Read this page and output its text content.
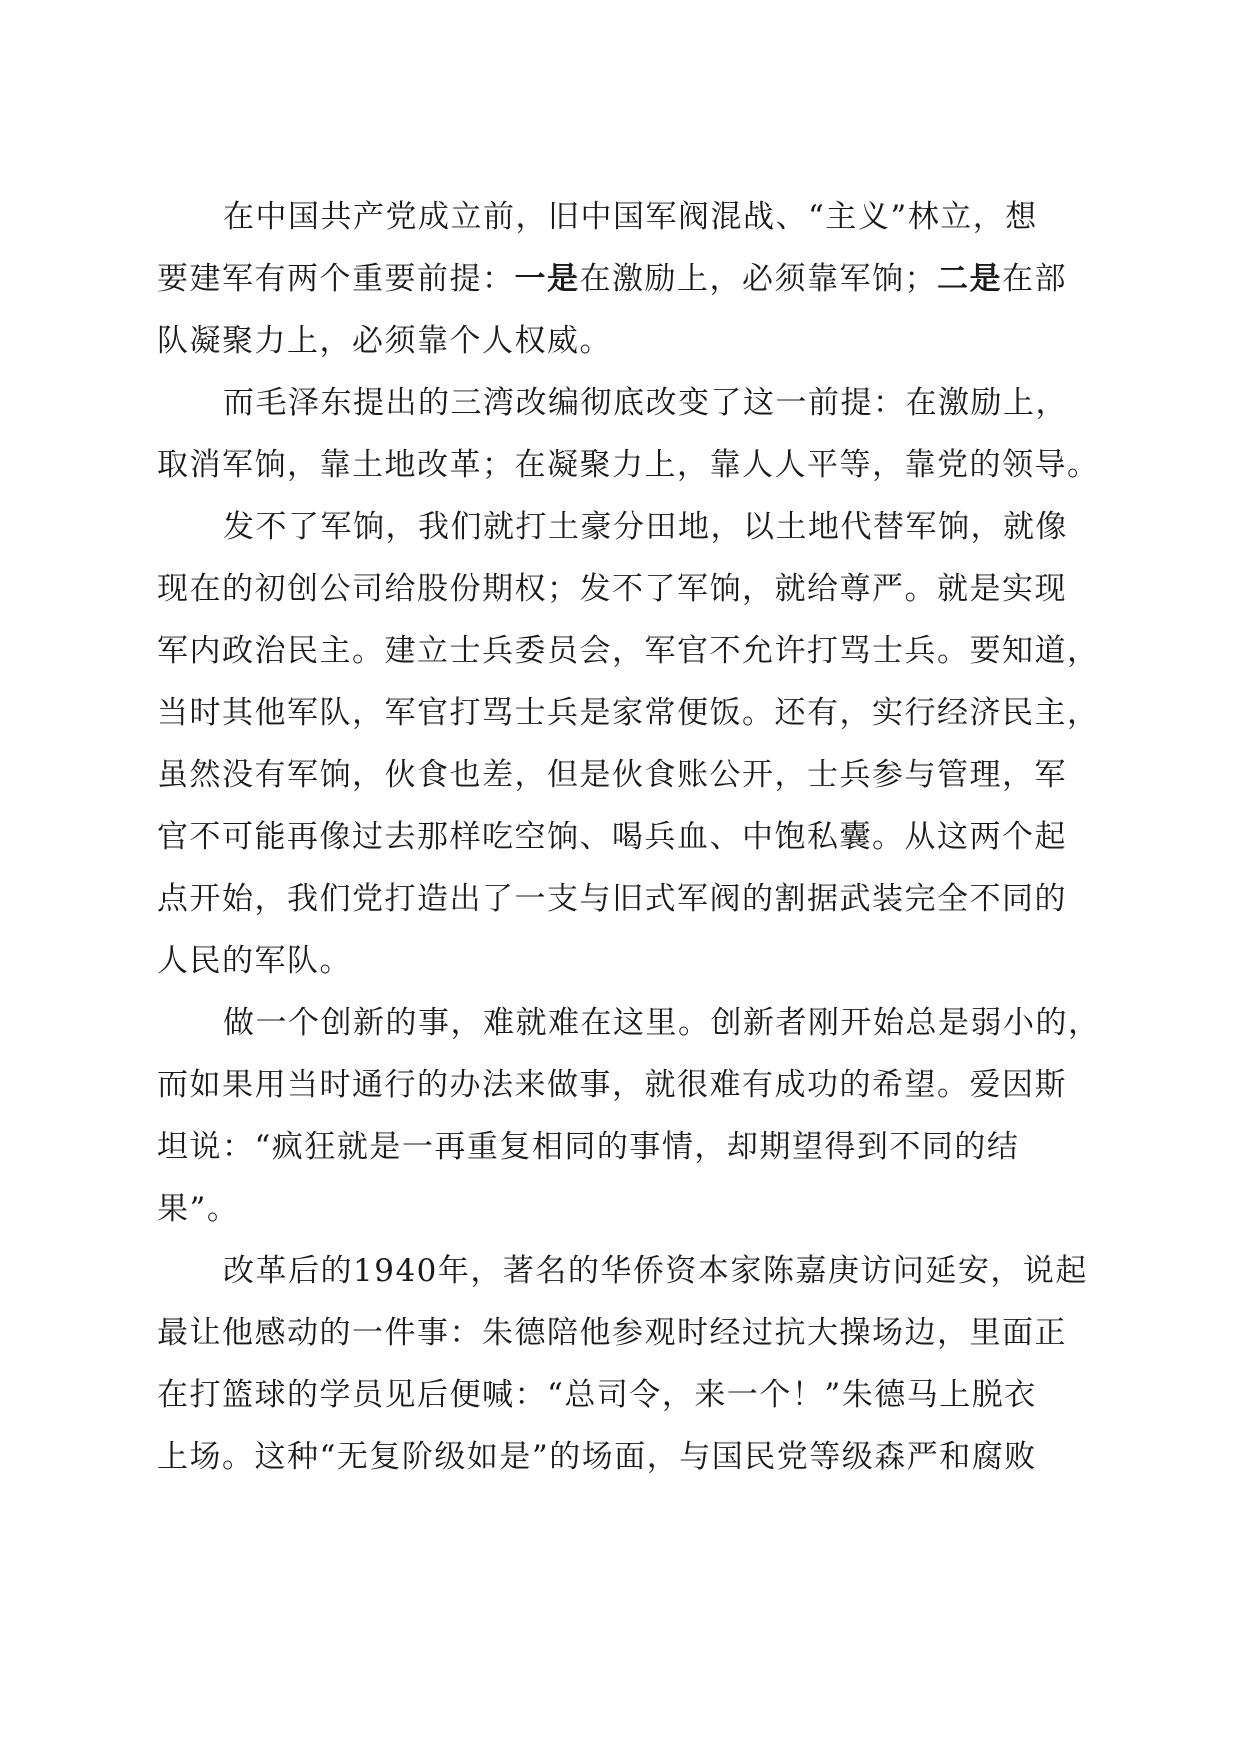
在中国共产党成立前，旧中国军阀混战、“主义”林立，想
要建军有两个重要前提：一是在激励上，必须靠军饷；二是在部
队凝聚力上，必须靠个人权威。
而毛泽东提出的三湾改编彻底改变了这一前提：在激励上，
取消军饷，靠土地改革；在凝聚力上，靠人人平等，靠党的领导。
发不了军饷，我们就打土豪分田地，以土地代替军饷，就像
现在的初创公司给股份期权；发不了军饷，就给尊严。就是实现
军内政治民主。建立士兵委员会，军官不允许打骂士兵。要知道，
当时其他军队，军官打骂士兵是家常便饭。还有，实行经济民主，
虽然没有军饷，伙食也差，但是伙食账公开，士兵参与管理，军
官不可能再像过去那样吃空饷、喝兵血、中饱私囊。从这两个起
点开始，我们党打造出了一支与旧式军阀的割据武装完全不同的
人民的军队。
做一个创新的事，难就难在这里。创新者刚开始总是弱小的，
而如果用当时通行的办法来做事，就很难有成功的希望。爱因斯
坦说：“疯狂就是一再重复相同的事情，却期望得到不同的结
果”。
改革后的1940年，著名的华侨资本家陈嘉庚访问延安，说起
最让他感动的一件事：朱德陪他参观时经过抗大操场边，里面正
在打篮球的学员见后便喊：“总司令，来一个！”朱德马上脱衣
上场。这种“无复阶级如是”的场面，与国民党等级森严和腐败
